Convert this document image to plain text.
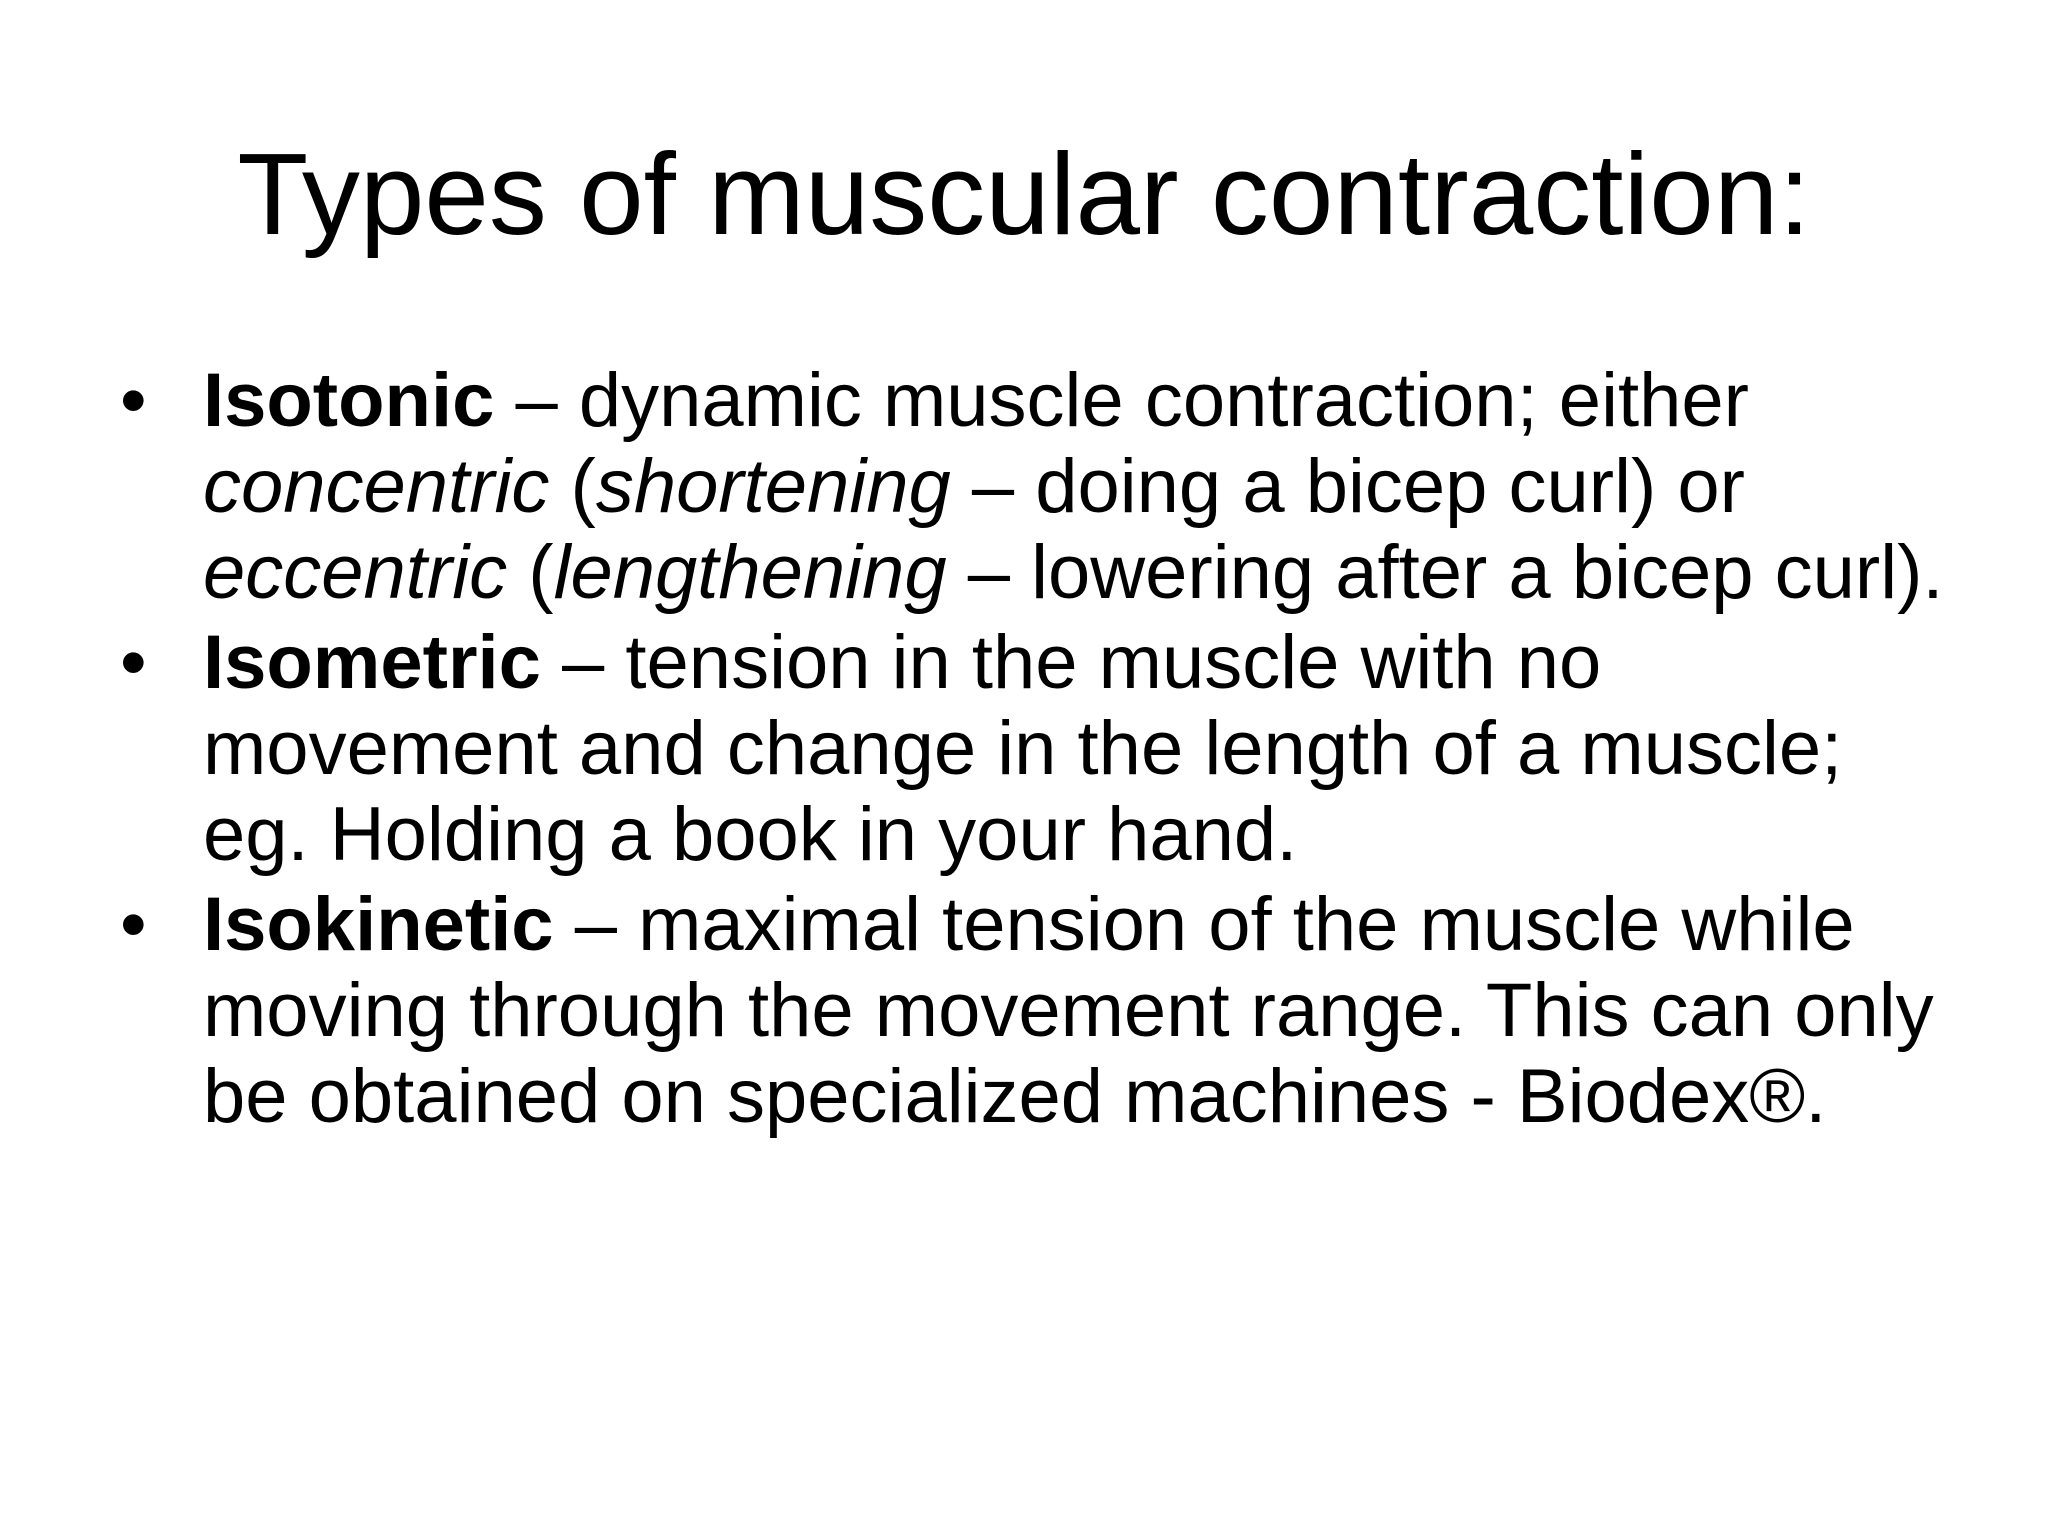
Types of muscular contraction:
• Isotonic – dynamic muscle contraction; either concentric (shortening – doing a bicep curl) or eccentric (lengthening – lowering after a bicep curl).
• Isometric – tension in the muscle with no movement and change in the length of a muscle; eg. Holding a book in your hand.
• Isokinetic – maximal tension of the muscle while moving through the movement range. This can only be obtained on specialized machines - Biodex®.
